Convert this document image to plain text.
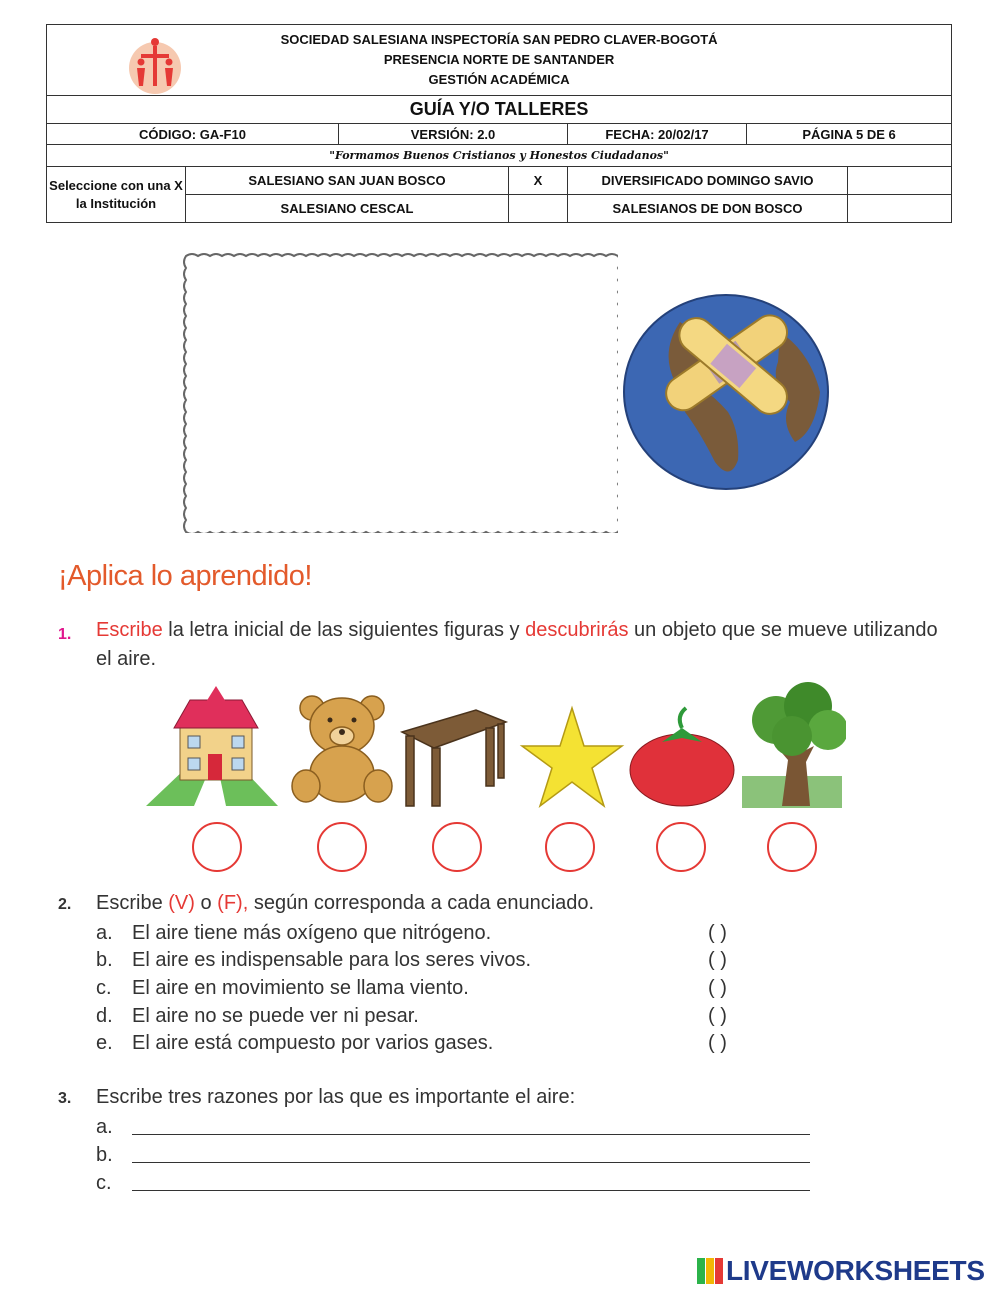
SOCIEDAD SALESIANA INSPECTORÍA SAN PEDRO CLAVER-BOGOTÁ
PRESENCIA NORTE DE SANTANDER
GESTIÓN ACADÉMICA						

GUÍA Y/O TALLERES						
CÓDIGO: GA-F10		VERSIÓN: 2.0		FECHA: 20/02/17	PÁGINA 5 DE 6	
"Formamos Buenos Cristianos y Honestos Ciudadanos"						
Seleccione con una X la Institución	SALESIANO SAN JUAN BOSCO		X	DIVERSIFICADO DOMINGO SAVIO		
	SALESIANO CESCAL			SALESIANOS DE DON BOSCO		
¡Aplica lo aprendido!
1. Escribe la letra inicial de las siguientes figuras y descubrirás un objeto que se mueve utilizando el aire.
2. Escribe (V) o (F), según corresponda a cada enunciado.
a. El aire tiene más oxígeno que nitrógeno.	( )
b. El aire es indispensable para los seres vivos.	( )
c. El aire en movimiento se llama viento.	( )
d. El aire no se puede ver ni pesar.	( )
e. El aire está compuesto por varios gases.	( )
3. Escribe tres razones por las que es importante el aire:
a.
b.
c.
LIVEWORKSHEETS
